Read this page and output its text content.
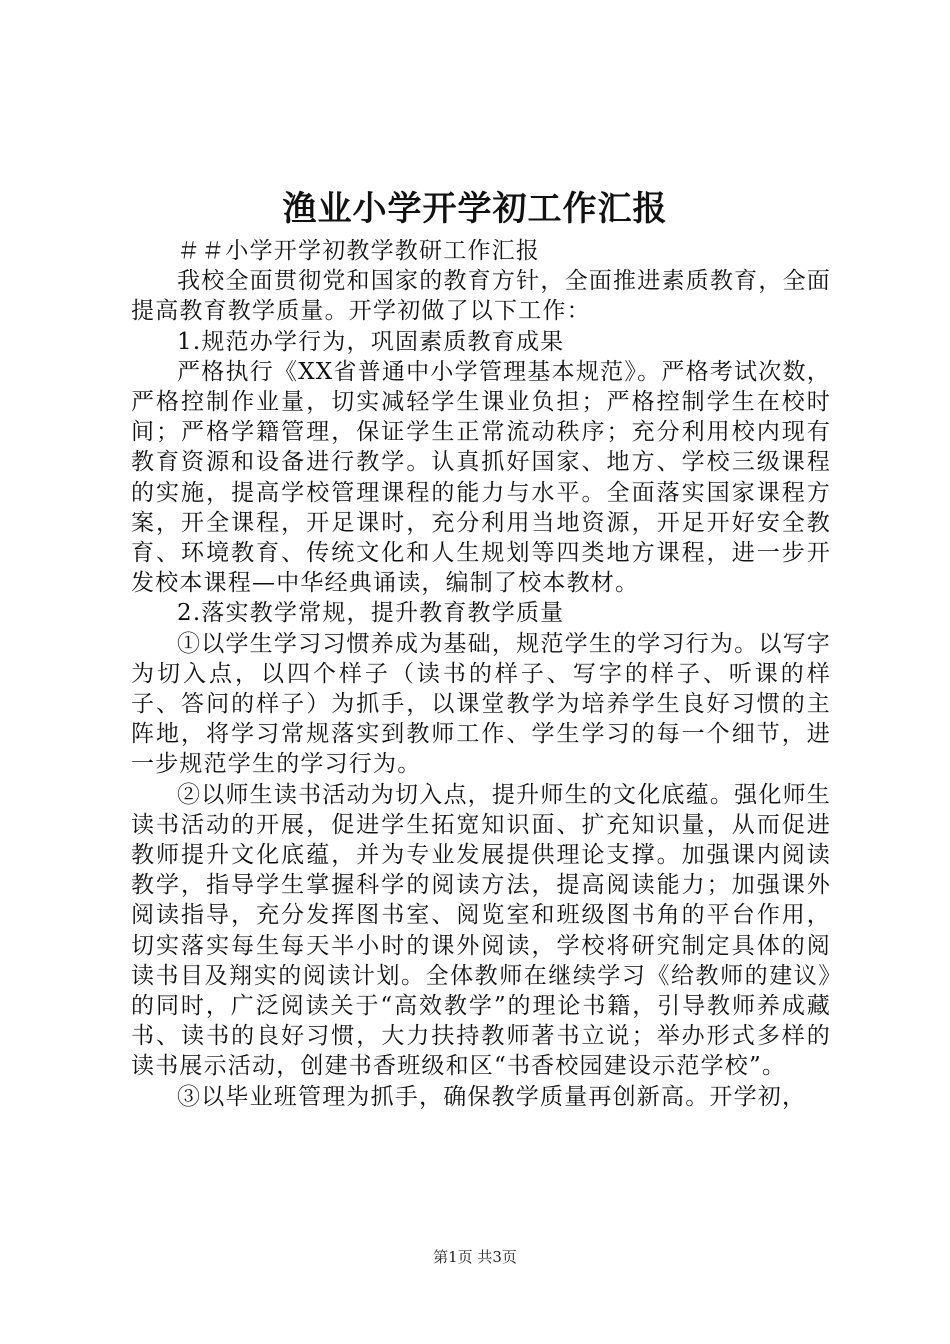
渔业小学开学初工作汇报

＃＃小学开学初教学教研工作汇报

我校全面贯彻党和国家的教育方针，全面推进素质教育，全面提高教育教学质量。开学初做了以下工作：

1.规范办学行为，巩固素质教育成果

严格执行《XX省普通中小学管理基本规范》。严格考试次数，严格控制作业量，切实减轻学生课业负担；严格控制学生在校时间；严格学籍管理，保证学生正常流动秩序；充分利用校内现有教育资源和设备进行教学。认真抓好国家、地方、学校三级课程的实施，提高学校管理课程的能力与水平。全面落实国家课程方案，开全课程，开足课时，充分利用当地资源，开足开好安全教育、环境教育、传统文化和人生规划等四类地方课程，进一步开发校本课程—中华经典诵读，编制了校本教材。

2.落实教学常规，提升教育教学质量

①以学生学习习惯养成为基础，规范学生的学习行为。以写字为切入点，以四个样子（读书的样子、写字的样子、听课的样子、答问的样子）为抓手，以课堂教学为培养学生良好习惯的主阵地，将学习常规落实到教师工作、学生学习的每一个细节，进一步规范学生的学习行为。

②以师生读书活动为切入点，提升师生的文化底蕴。强化师生读书活动的开展，促进学生拓宽知识面、扩充知识量，从而促进教师提升文化底蕴，并为专业发展提供理论支撑。加强课内阅读教学，指导学生掌握科学的阅读方法，提高阅读能力；加强课外阅读指导，充分发挥图书室、阅览室和班级图书角的平台作用，切实落实每生每天半小时的课外阅读，学校将研究制定具体的阅读书目及翔实的阅读计划。全体教师在继续学习《给教师的建议》的同时，广泛阅读关于“高效教学”的理论书籍，引导教师养成藏书、读书的良好习惯，大力扶持教师著书立说；举办形式多样的读书展示活动，创建书香班级和区“书香校园建设示范学校”。

③以毕业班管理为抓手，确保教学质量再创新高。开学初，

第1页 共3页
